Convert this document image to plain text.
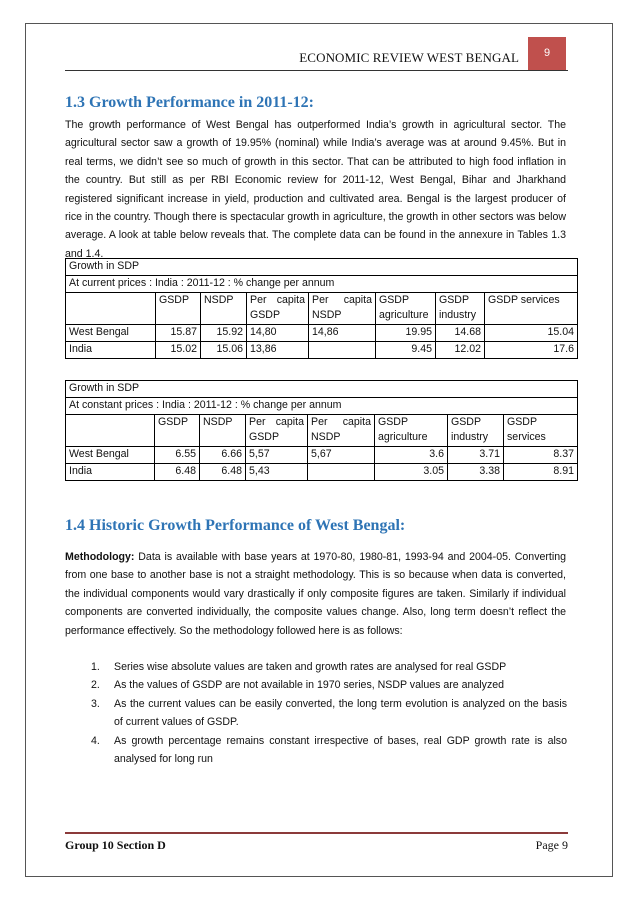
ECONOMIC REVIEW WEST BENGAL	9
1.3 Growth Performance in 2011-12:

The growth performance of West Bengal has outperformed India’s growth in agricultural sector. The agricultural sector saw a growth of 19.95% (nominal) while India’s average was at around 9.45%. But in real terms, we didn’t see so much of growth in this sector. That can be attributed to high food inflation in the country. But still as per RBI Economic review for 2011-12, West Bengal, Bihar and Jharkhand registered significant increase in yield, production and cultivated area. Bengal is the largest producer of rice in the country. Though there is spectacular growth in agriculture, the growth in other sectors was below average. A look at table below reveals that. The complete data can be found in the annexure in Tables 1.3 and 1.4.

Growth in SDP							
At current prices : India : 2011-12 : % change per annum							
	GSDP	NSDP	Per capita GSDP	Per capita NSDP	GSDP agriculture	GSDP industry	GSDP services
West Bengal	15.87	15.92	14,80	14,86	19.95	14.68	15.04
India	15.02	15.06	13,86		9.45	12.02	17.6
Growth in SDP							
At constant prices : India : 2011-12 : % change per annum							
	GSDP	NSDP	Per capita GSDP	Per capita NSDP	GSDP agriculture	GSDP industry	GSDP services
West Bengal	6.55	6.66	5,57	5,67	3.6	3.71	8.37
India	6.48	6.48	5,43		3.05	3.38	8.91
1.4 Historic Growth Performance of West Bengal:

Methodology: Data is available with base years at 1970-80, 1980-81, 1993-94 and 2004-05. Converting from one base to another base is not a straight methodology. This is so because when data is converted, the individual components would vary drastically if only composite figures are taken. Similarly if individual components are converted individually, the composite values change. Also, long term doesn’t reflect the performance effectively. So the methodology followed here is as follows:

1. Series wise absolute values are taken and growth rates are analysed for real GSDP
2. As the values of GSDP are not available in 1970 series, NSDP values are analyzed
3. As the current values can be easily converted, the long term evolution is analyzed on the basis of current values of GSDP.
4. As growth percentage remains constant irrespective of bases, real GDP growth rate is also analysed for long run
Group 10 Section D	Page 9
